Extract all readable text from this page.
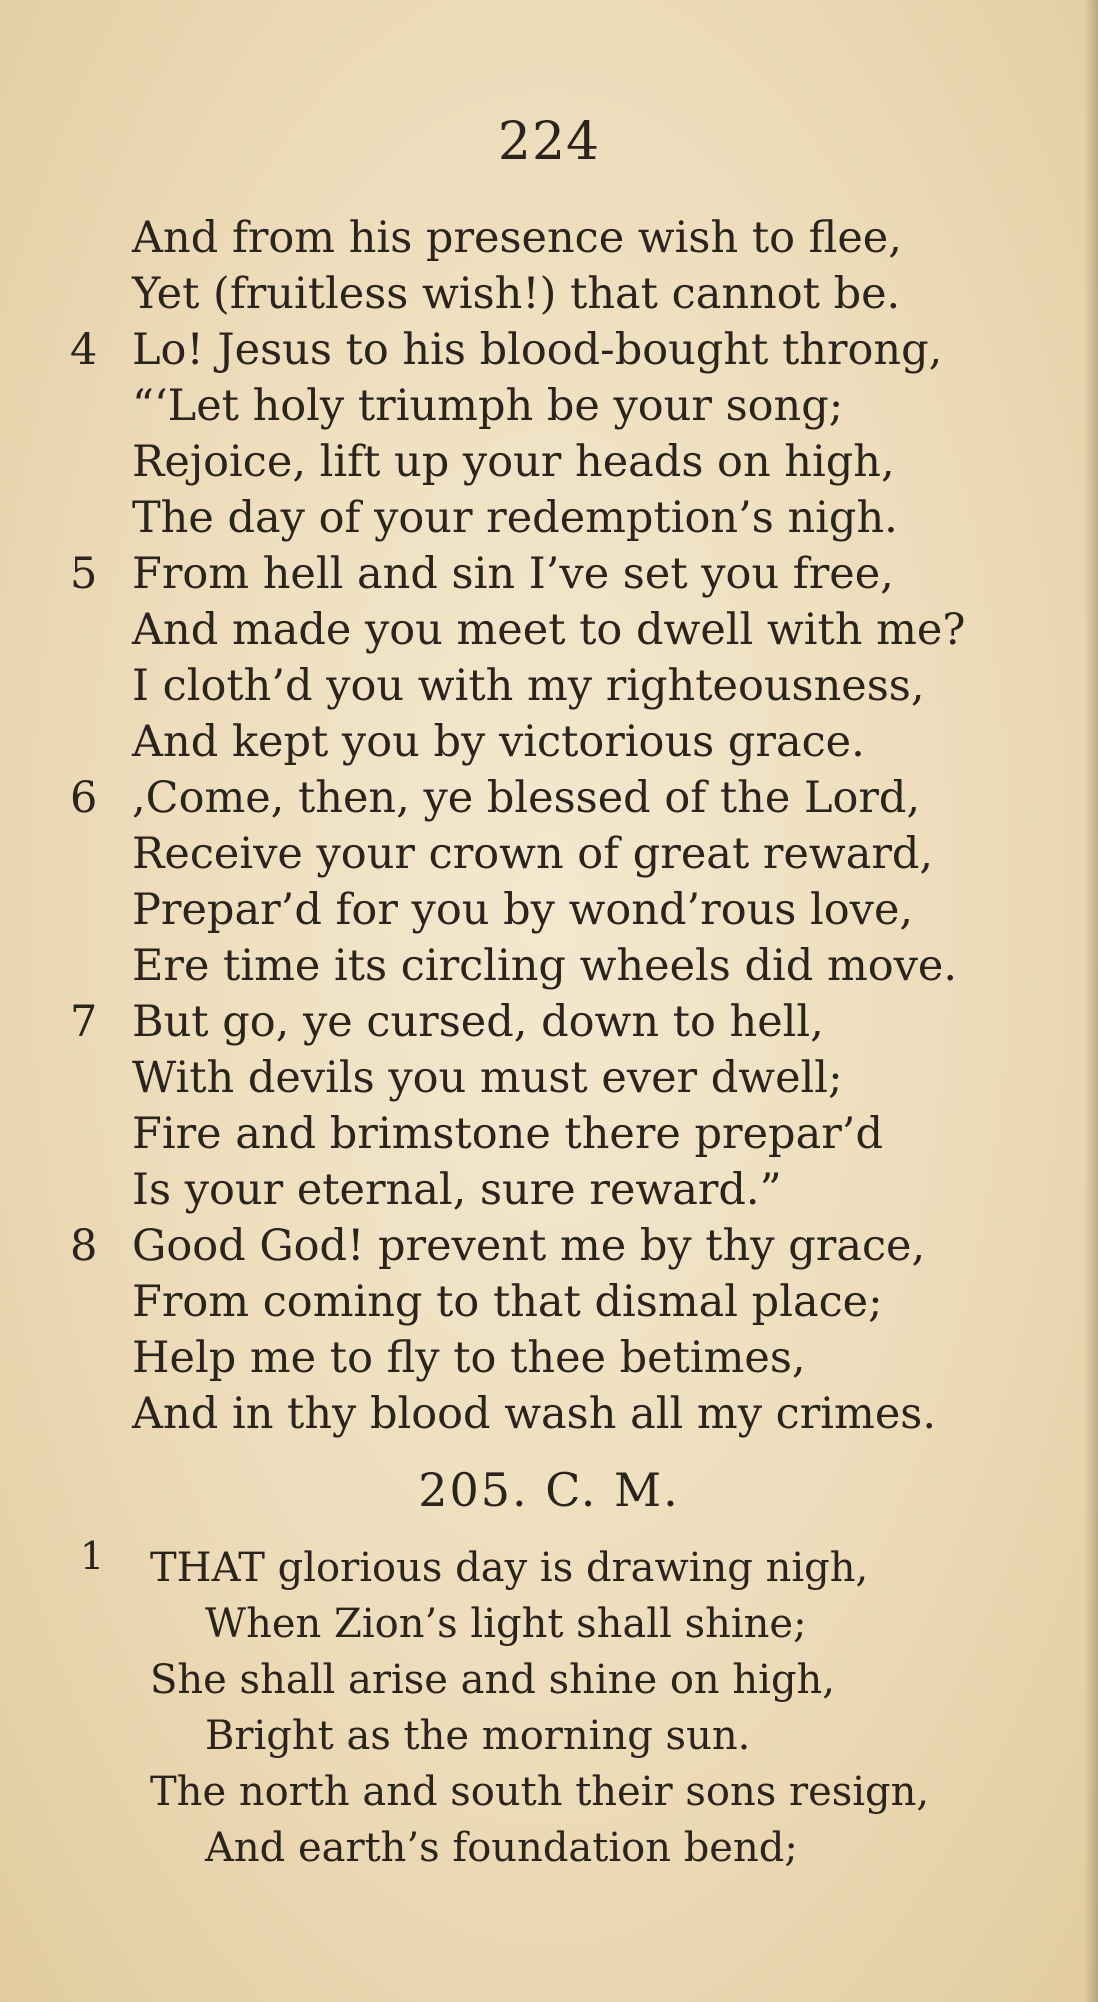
224
And from his presence wish to flee,
Yet (fruitless wish!) that cannot be.
4 Lo! Jesus to his blood-bought throng,
“‘Let holy triumph be your song;
Rejoice, lift up your heads on high,
The day of your redemption’s nigh.
5 From hell and sin I’ve set you free,
And made you meet to dwell with me?
I cloth’d you with my righteousness,
And kept you by victorious grace.
6 ,Come, then, ye blessed of the Lord,
Receive your crown of great reward,
Prepar’d for you by wond’rous love,
Ere time its circling wheels did move.
7 But go, ye cursed, down to hell,
With devils you must ever dwell;
Fire and brimstone there prepar’d
Is your eternal, sure reward.”
8 Good God! prevent me by thy grace,
From coming to that dismal place;
Help me to fly to thee betimes,
And in thy blood wash all my crimes.
205. C. M.
1 THAT glorious day is drawing nigh,
When Zion’s light shall shine;
She shall arise and shine on high,
Bright as the morning sun.
The north and south their sons resign,
And earth’s foundation bend;
